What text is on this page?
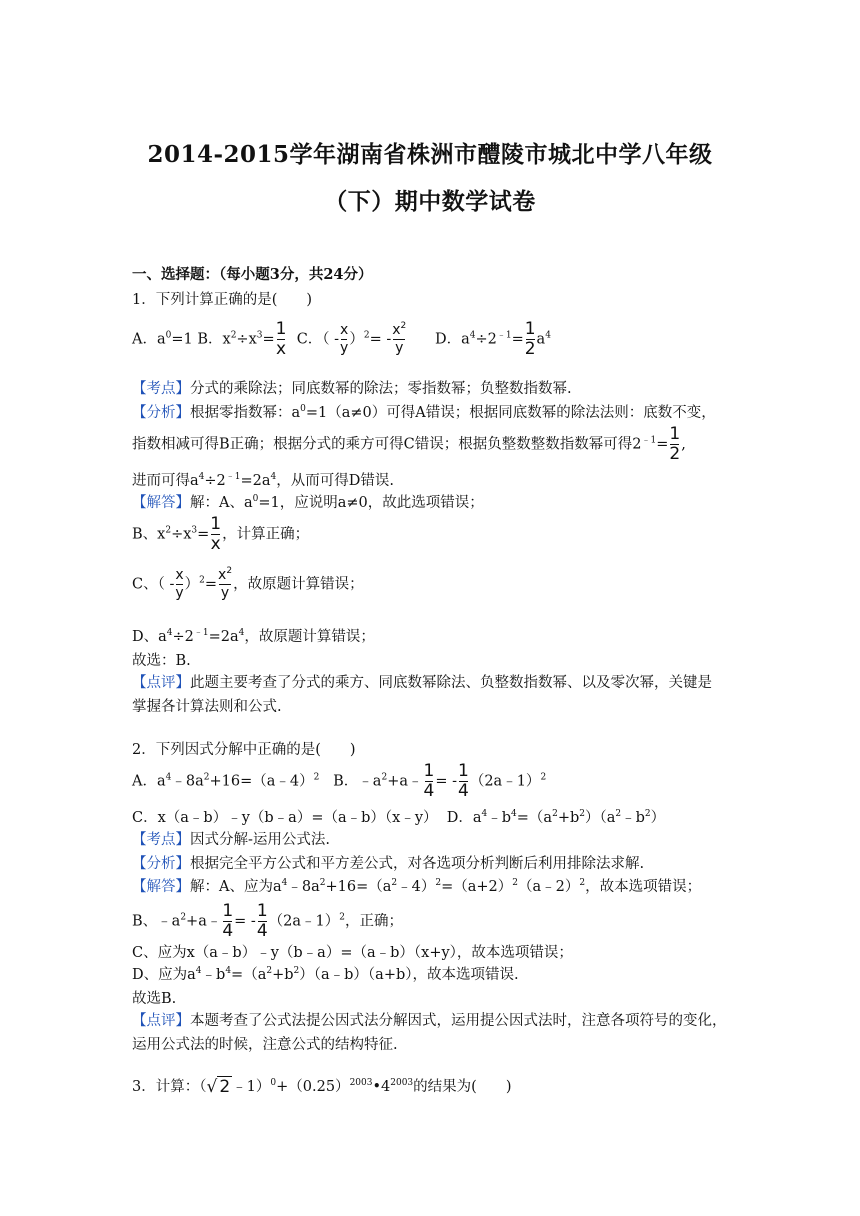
2014-2015学年湖南省株洲市醴陵市城北中学八年级
（下）期中数学试卷
一、选择题：（每小题3分，共24分）
1．下列计算正确的是(　　)
A．$a^0=1$ B．$x^2\div x^3= \frac{1}{x}$ C．（ - $\frac{x}{y} )^2= - \frac{x^2}{y}$ D．$a^4\div 2^{﹣1}= \frac{1}{2} a^4$
【考点】分式的乘除法；同底数幂的除法；零指数幂；负整数指数幂.
【分析】根据零指数幂：$a^0=1(a\ne 0)$可得A错误；根据同底数幂的除法法则：底数不变，
指数相减可得B正确；根据分式的乘方可得C错误；根据负整数整数指数幂可得$2^{﹣1}= \frac{1}{2}$ ,
进而可得$a^4\div 2^{﹣1}=2a^4$，从而可得D错误.
【解答】解：A、$a^0=1$，应说明a≠0，故此选项错误；
B、$x^2\div x^3= \frac{1}{x}$ ，计算正确；
C、（ - $\frac{x}{y} )^2= \frac{x^2}{y}$ ，故原题计算错误；
D、$a^4\div 2^{﹣1}=2a^4$，故原题计算错误；
故选：B.
【点评】此题主要考查了分式的乘方、同底数幂除法、负整数指数幂、以及零次幂，关键是
掌握各计算法则和公式.
2．下列因式分解中正确的是(　　)
A．$a^4﹣8a^2+16=(a﹣4)^2$ B．$﹣a^2+a﹣ \frac{1}{4}$ = - $\frac{1}{4}$ （2a﹣1）$^2$
C．x（a﹣b）﹣y（b﹣a）=（a﹣b）（x﹣y） D．$a^4﹣b^4=(a^2+b^2)(a^2﹣b^2)$
【考点】因式分解-运用公式法.
【分析】根据完全平方公式和平方差公式，对各选项分析判断后利用排除法求解.
【解答】解：A、应为$a^4﹣8a^2+16=(a^2﹣4)^2=(a+2)^2(a﹣2)^2$，故本选项错误；
B、$﹣a^2+a﹣ \frac{1}{4}$ = - $\frac{1}{4}$ （2a﹣1）$^2$，正确；
C、应为x（a﹣b）﹣y（b﹣a）=（a﹣b）（x+y），故本选项错误；
D、应为$a^4﹣b^4=(a^2+b^2)(a﹣b)(a+b)$，故本选项错误.
故选B.
【点评】本题考查了公式法提公因式法分解因式，运用提公因式法时，注意各项符号的变化，
运用公式法的时候，注意公式的结构特征.
3．计算：（√ 2 $﹣1)^0+(0.25)^{2003}•4^{2003}$的结果为(　　)
